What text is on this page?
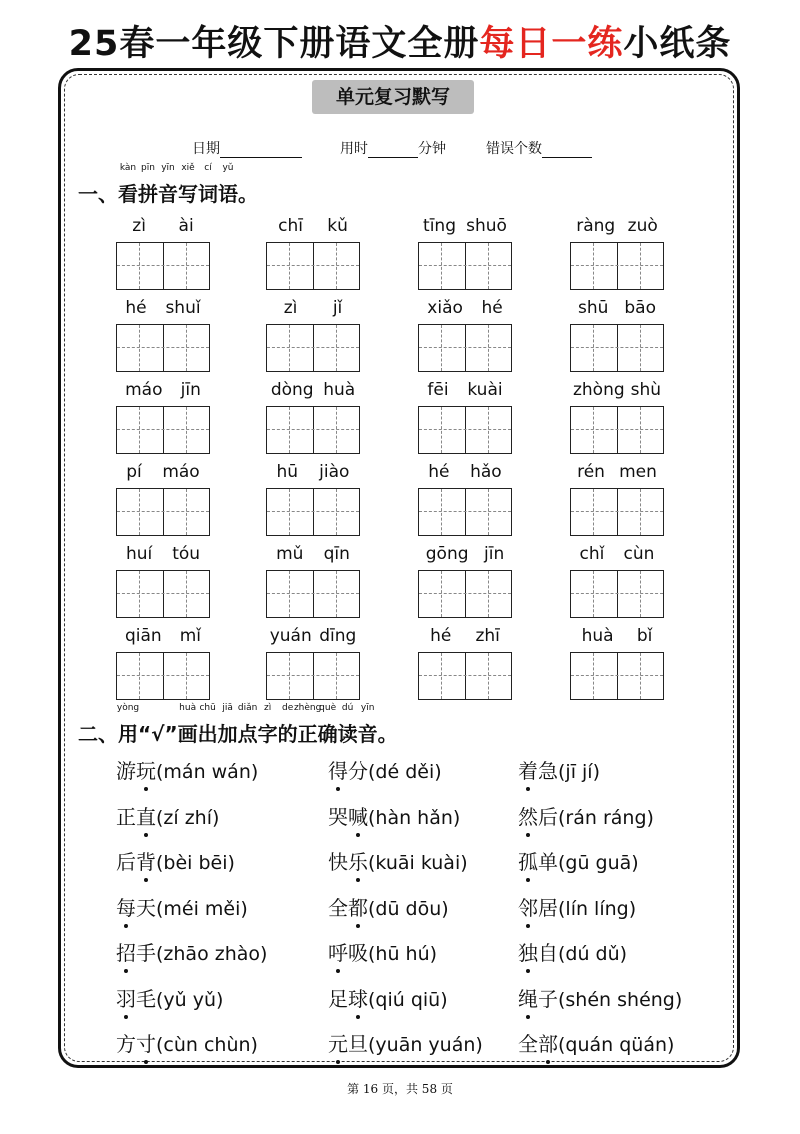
25春一年级下册语文全册每日一练小纸条
单元复习默写
日期	用时	分钟	错误个数
一、看
kàn
拼
pīn
音
yīn
写
xiě
词
cí
语
yǔ
。
zì ài	chī kǔ	tīng shuō	ràng zuò
hé shuǐ	zì jǐ	xiǎo hé	shū bāo
máo jīn	dòng huà	fēi kuài	zhòng shù
pí máo	hū jiào	hé hǎo	rén men
huí tóu	mǔ qīn	gōng jīn	chǐ cùn
qiān mǐ	yuán dīng	hé zhī	huà bǐ
二、用
yòng
“√”画
huà
出
chū
加
jiā
点
diǎn
字
zì
的
de
正
zhèng
确
què
读
dú
音
yīn
。
游玩(mán wán)	得分(dé děi)	着急(jī jí)
正直(zí zhí)	哭喊(hàn hǎn)	然后(rán ráng)
后背(bèi bēi)	快乐(kuāi kuài)	孤单(gū guā)
每天(méi měi)	全都(dū dōu)	邻居(lín líng)
招手(zhāo zhào)	呼吸(hū hú)	独自(dú dǔ)
羽毛(yǔ yǔ)	足球(qiú qiū)	绳子(shén shéng)
方寸(cùn chùn)	元旦(yuān yuán) 全部(quán qüán)
第 16 页，共 58 页
